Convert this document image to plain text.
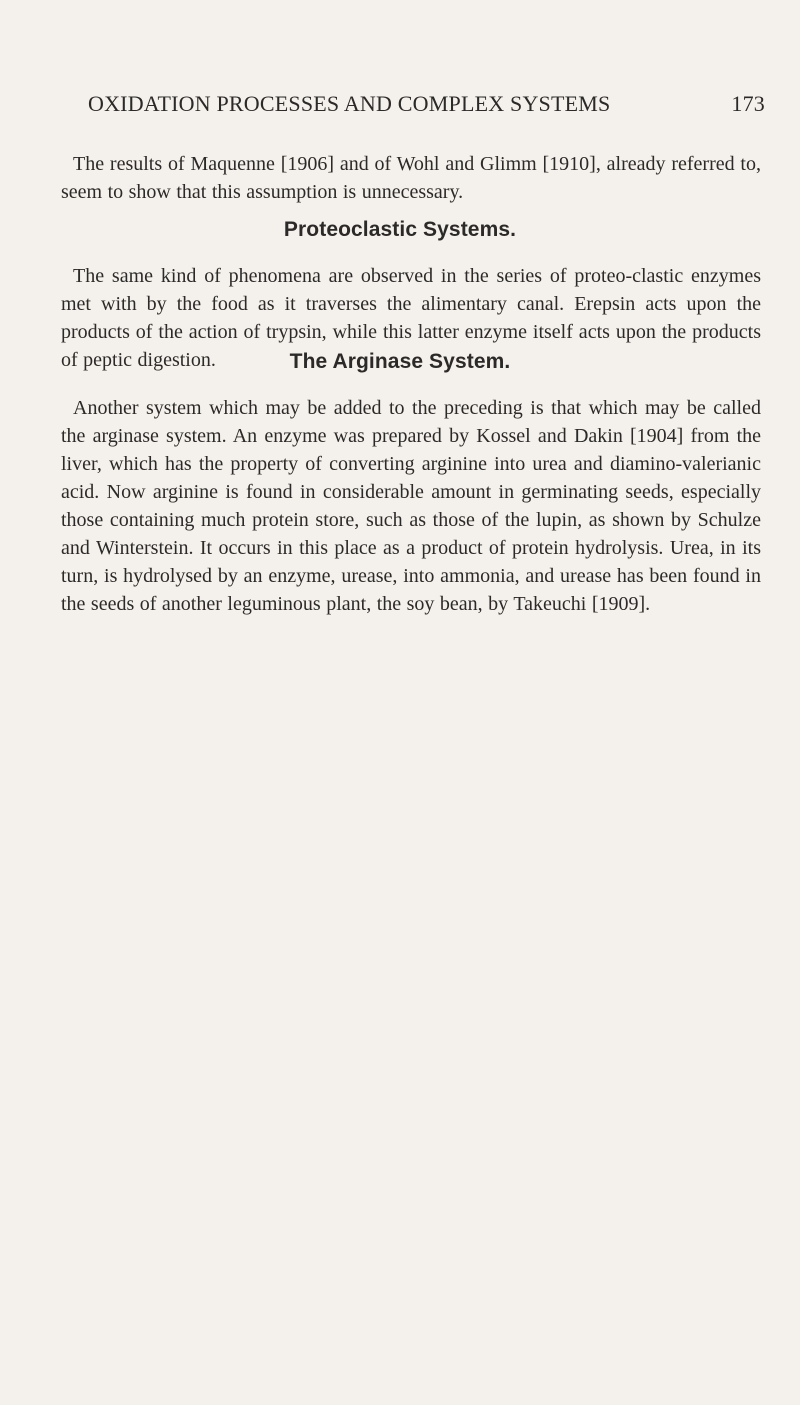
OXIDATION PROCESSES AND COMPLEX SYSTEMS	173

The results of Maquenne [1906] and of Wohl and Glimm [1910], already referred to, seem to show that this assumption is unnecessary.

Proteoclastic Systems.

The same kind of phenomena are observed in the series of proteo-clastic enzymes met with by the food as it traverses the alimentary canal. Erepsin acts upon the products of the action of trypsin, while this latter enzyme itself acts upon the products of peptic digestion.	The Arginase System.

Another system which may be added to the preceding is that which may be called the arginase system. An enzyme was prepared by Kossel and Dakin [1904] from the liver, which has the property of converting arginine into urea and diamino-valerianic acid. Now arginine is found in considerable amount in germinating seeds, especially those containing much protein store, such as those of the lupin, as shown by Schulze and Winterstein. It occurs in this place as a product of protein hydrolysis. Urea, in its turn, is hydrolysed by an enzyme, urease, into ammonia, and urease has been found in the seeds of another leguminous plant, the soy bean, by Takeuchi [1909].
